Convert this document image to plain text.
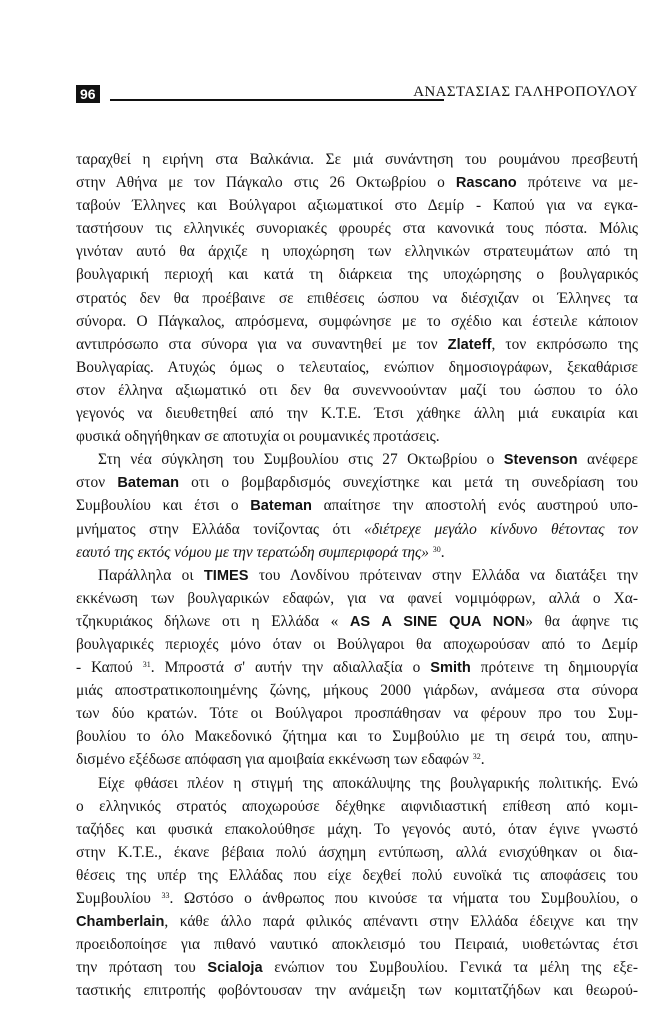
96	ΑΝΑΣΤΑΣΙΑΣ ΓΑΛΗΡΟΠΟΥΛΟΥ
ταραχθεί η ειρήνη στα Βαλκάνια. Σε μιά συνάντηση του ρουμάνου πρεσβευτή
στην Αθήνα με τον Πάγκαλο στις 26 Οκτωβρίου ο Rascano πρότεινε να με-
ταβούν Έλληνες και Βούλγαροι αξιωματικοί στο Δεμίρ - Καπού για να εγκα-
ταστήσουν τις ελληνικές συνοριακές φρουρές στα κανονικά τους πόστα. Μόλις
γινόταν αυτό θα άρχιζε η υποχώρηση των ελληνικών στρατευμάτων από τη
βουλγαρική περιοχή και κατά τη διάρκεια της υποχώρησης ο βουλγαρικός
στρατός δεν θα προέβαινε σε επιθέσεις ώσπου να διέσχιζαν οι Έλληνες τα
σύνορα. Ο Πάγκαλος, απρόσμενα, συμφώνησε με το σχέδιο και έστειλε κάποιον
αντιπρόσωπο στα σύνορα για να συναντηθεί με τον Zlateff, τον εκπρόσωπο της
Βουλγαρίας. Ατυχώς όμως ο τελευταίος, ενώπιον δημοσιογράφων, ξεκαθάρισε
στον έλληνα αξιωματικό οτι δεν θα συνεννοούνταν μαζί του ώσπου το όλο
γεγονός να διευθετηθεί από την Κ.Τ.Ε. Έτσι χάθηκε άλλη μιά ευκαιρία και
φυσικά οδηγήθηκαν σε αποτυχία οι ρουμανικές προτάσεις.
Στη νέα σύγκληση του Συμβουλίου στις 27 Οκτωβρίου ο Stevenson ανέφερε
στον Bateman οτι ο βομβαρδισμός συνεχίστηκε και μετά τη συνεδρίαση του
Συμβουλίου και έτσι ο Bateman απαίτησε την αποστολή ενός αυστηρού υπο-
μνήματος στην Ελλάδα τονίζοντας ότι «διέτρεχε μεγάλο κίνδυνο θέτοντας τον
εαυτό της εκτός νόμου με την τερατώδη συμπεριφορά της» $^{30}$.
Παράλληλα οι TIMES του Λονδίνου πρότειναν στην Ελλάδα να διατάξει την
εκκένωση των βουλγαρικών εδαφών, για να φανεί νομιμόφρων, αλλά ο Χα-
τζηκυριάκος δήλωνε οτι η Ελλάδα « AS A SINE QUA NON» θα άφηνε τις
βουλγαρικές περιοχές μόνο όταν οι Βούλγαροι θα αποχωρούσαν από το Δεμίρ
- Καπού $^{31}$. Μπροστά σ' αυτήν την αδιαλλαξία ο Smith πρότεινε τη δημιουργία
μιάς αποστρατικοποιημένης ζώνης, μήκους 2000 γιάρδων, ανάμεσα στα σύνορα
των δύο κρατών. Τότε οι Βούλγαροι προσπάθησαν να φέρουν προ του Συμ-
βουλίου το όλο Μακεδονικό ζήτημα και το Συμβούλιο με τη σειρά του, απηυ-
δισμένο εξέδωσε απόφαση για αμοιβαία εκκένωση των εδαφών $^{32}$.
Είχε φθάσει πλέον η στιγμή της αποκάλυψης της βουλγαρικής πολιτικής. Ενώ
ο ελληνικός στρατός αποχωρούσε δέχθηκε αιφνιδιαστική επίθεση από κομι-
ταζήδες και φυσικά επακολούθησε μάχη. Το γεγονός αυτό, όταν έγινε γνωστό
στην Κ.Τ.Ε., έκανε βέβαια πολύ άσχημη εντύπωση, αλλά ενισχύθηκαν οι δια-
θέσεις της υπέρ της Ελλάδας που είχε δεχθεί πολύ ευνοϊκά τις αποφάσεις του
Συμβουλίου $^{33}$. Ωστόσο ο άνθρωπος που κινούσε τα νήματα του Συμβουλίου, ο
Chamberlain, κάθε άλλο παρά φιλικός απέναντι στην Ελλάδα έδειχνε και την
προειδοποίησε για πιθανό ναυτικό αποκλεισμό του Πειραιά, υιοθετώντας έτσι
την πρόταση του Scialoja ενώπιον του Συμβουλίου. Γενικά τα μέλη της εξε-
ταστικής επιτροπής φοβόντουσαν την ανάμειξη των κομιτατζήδων και θεωρού-
